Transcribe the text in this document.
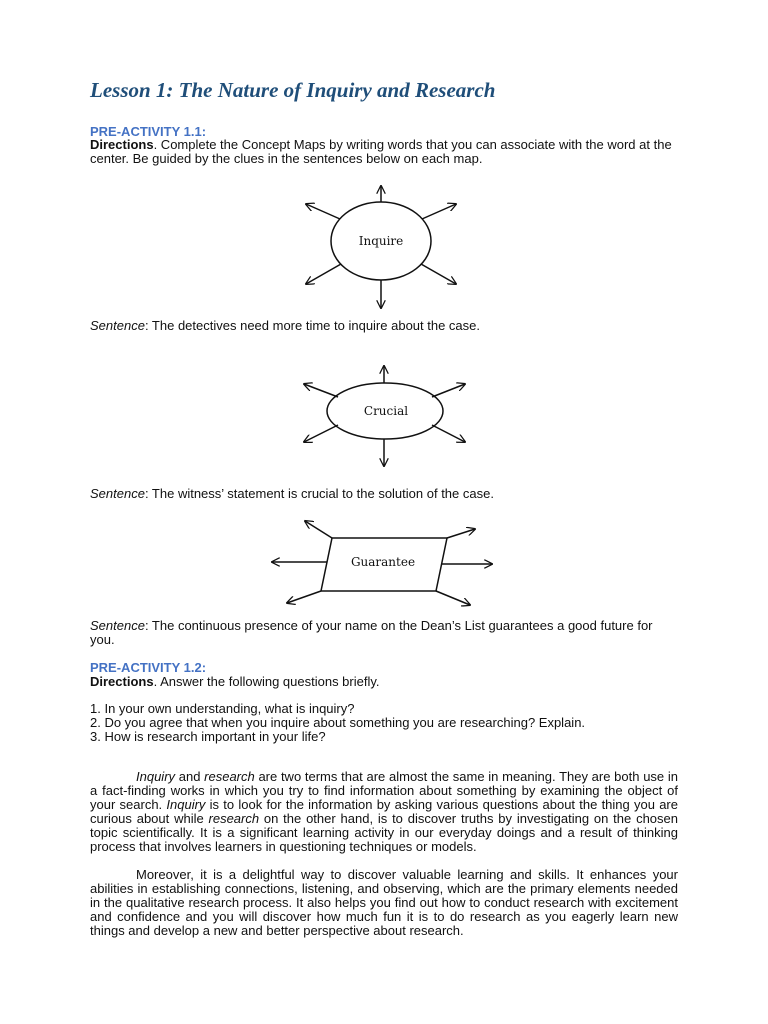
Lesson 1: The Nature of Inquiry and Research
PRE-ACTIVITY 1.1:
Directions. Complete the Concept Maps by writing words that you can associate with the word at the center. Be guided by the clues in the sentences below on each map.
Inquire
Crucial
Guarantee
Sentence: The detectives need more time to inquire about the case.
Sentence: The witness’ statement is crucial to the solution of the case.
Sentence: The continuous presence of your name on the Dean’s List guarantees a good future for you.
PRE-ACTIVITY 1.2:
Directions. Answer the following questions briefly.
1. In your own understanding, what is inquiry?
2. Do you agree that when you inquire about something you are researching? Explain.
3. How is research important in your life?
Inquiry and research are two terms that are almost the same in meaning. They are both use in a fact-finding works in which you try to find information about something by examining the object of your search. Inquiry is to look for the information by asking various questions about the thing you are curious about while research on the other hand, is to discover truths by investigating on the chosen topic scientifically. It is a significant learning activity in our everyday doings and a result of thinking process that involves learners in questioning techniques or models.
Moreover, it is a delightful way to discover valuable learning and skills. It enhances your abilities in establishing connections, listening, and observing, which are the primary elements needed in the qualitative research process. It also helps you find out how to conduct research with excitement and confidence and you will discover how much fun it is to do research as you eagerly learn new things and develop a new and better perspective about research.
